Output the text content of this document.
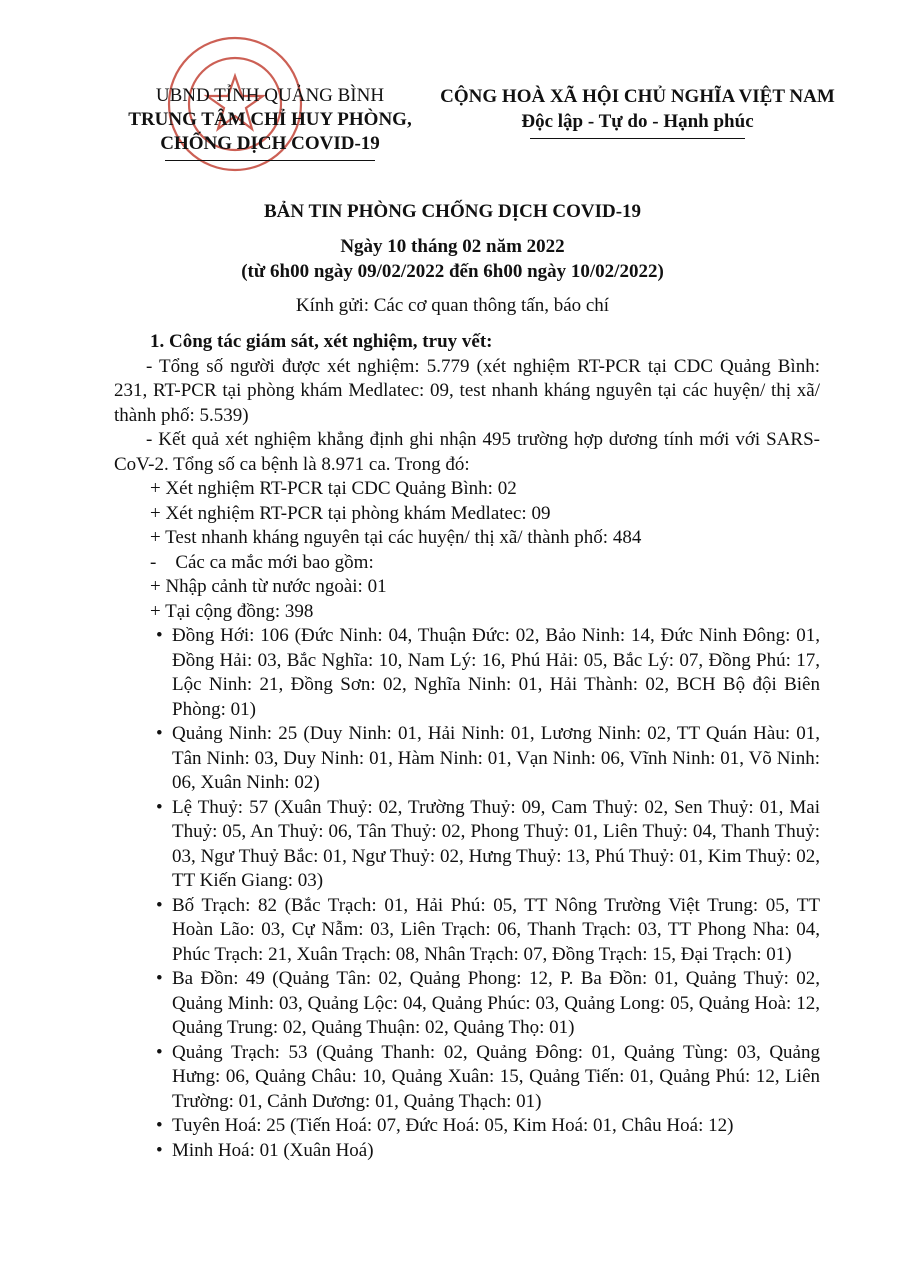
UBND TỈNH QUẢNG BÌNH
TRUNG TÂM CHỈ HUY PHÒNG,
CHỐNG DỊCH COVID-19
CỘNG HOÀ XÃ HỘI CHỦ NGHĨA VIỆT NAM
Độc lập - Tự do - Hạnh phúc
BẢN TIN PHÒNG CHỐNG DỊCH COVID-19
Ngày 10 tháng 02 năm 2022
(từ 6h00 ngày 09/02/2022 đến 6h00 ngày 10/02/2022)
Kính gửi: Các cơ quan thông tấn, báo chí
1. Công tác giám sát, xét nghiệm, truy vết:
- Tổng số người được xét nghiệm: 5.779 (xét nghiệm RT-PCR tại CDC Quảng Bình: 231, RT-PCR tại phòng khám Medlatec: 09, test nhanh kháng nguyên tại các huyện/ thị xã/ thành phố: 5.539)
- Kết quả xét nghiệm khẳng định ghi nhận 495 trường hợp dương tính mới với SARS-CoV-2. Tổng số ca bệnh là 8.971 ca. Trong đó:
+ Xét nghiệm RT-PCR tại CDC Quảng Bình: 02
+ Xét nghiệm RT-PCR tại phòng khám Medlatec: 09
+ Test nhanh kháng nguyên tại các huyện/ thị xã/ thành phố: 484
-    Các ca mắc mới bao gồm:
+ Nhập cảnh từ nước ngoài: 01
+ Tại cộng đồng: 398
• Đồng Hới: 106 (Đức Ninh: 04, Thuận Đức: 02, Bảo Ninh: 14, Đức Ninh Đông: 01, Đồng Hải: 03, Bắc Nghĩa: 10, Nam Lý: 16, Phú Hải: 05, Bắc Lý: 07, Đồng Phú: 17, Lộc Ninh: 21, Đồng Sơn: 02, Nghĩa Ninh: 01, Hải Thành: 02, BCH Bộ đội Biên Phòng: 01)
• Quảng Ninh: 25 (Duy Ninh: 01, Hải Ninh: 01, Lương Ninh: 02, TT Quán Hàu: 01, Tân Ninh: 03, Duy Ninh: 01, Hàm Ninh: 01, Vạn Ninh: 06, Vĩnh Ninh: 01, Võ Ninh: 06, Xuân Ninh: 02)
• Lệ Thuỷ: 57 (Xuân Thuỷ: 02, Trường Thuỷ: 09, Cam Thuỷ: 02, Sen Thuỷ: 01, Mai Thuỷ: 05, An Thuỷ: 06, Tân Thuỷ: 02, Phong Thuỷ: 01, Liên Thuỷ: 04, Thanh Thuỷ: 03, Ngư Thuỷ Bắc: 01, Ngư Thuỷ: 02, Hưng Thuỷ: 13, Phú Thuỷ: 01, Kim Thuỷ: 02, TT Kiến Giang: 03)
• Bố Trạch: 82 (Bắc Trạch: 01, Hải Phú: 05, TT Nông Trường Việt Trung: 05, TT Hoàn Lão: 03, Cự Nẫm: 03, Liên Trạch: 06, Thanh Trạch: 03, TT Phong Nha: 04, Phúc Trạch: 21, Xuân Trạch: 08, Nhân Trạch: 07, Đồng Trạch: 15, Đại Trạch: 01)
• Ba Đồn: 49 (Quảng Tân: 02, Quảng Phong: 12, P. Ba Đồn: 01, Quảng Thuỷ: 02, Quảng Minh: 03, Quảng Lộc: 04, Quảng Phúc: 03, Quảng Long: 05, Quảng Hoà: 12, Quảng Trung: 02, Quảng Thuận: 02, Quảng Thọ: 01)
• Quảng Trạch: 53 (Quảng Thanh: 02, Quảng Đông: 01, Quảng Tùng: 03, Quảng Hưng: 06, Quảng Châu: 10, Quảng Xuân: 15, Quảng Tiến: 01, Quảng Phú: 12, Liên Trường: 01, Cảnh Dương: 01, Quảng Thạch: 01)
• Tuyên Hoá: 25 (Tiến Hoá: 07, Đức Hoá: 05, Kim Hoá: 01, Châu Hoá: 12)
• Minh Hoá: 01 (Xuân Hoá)
